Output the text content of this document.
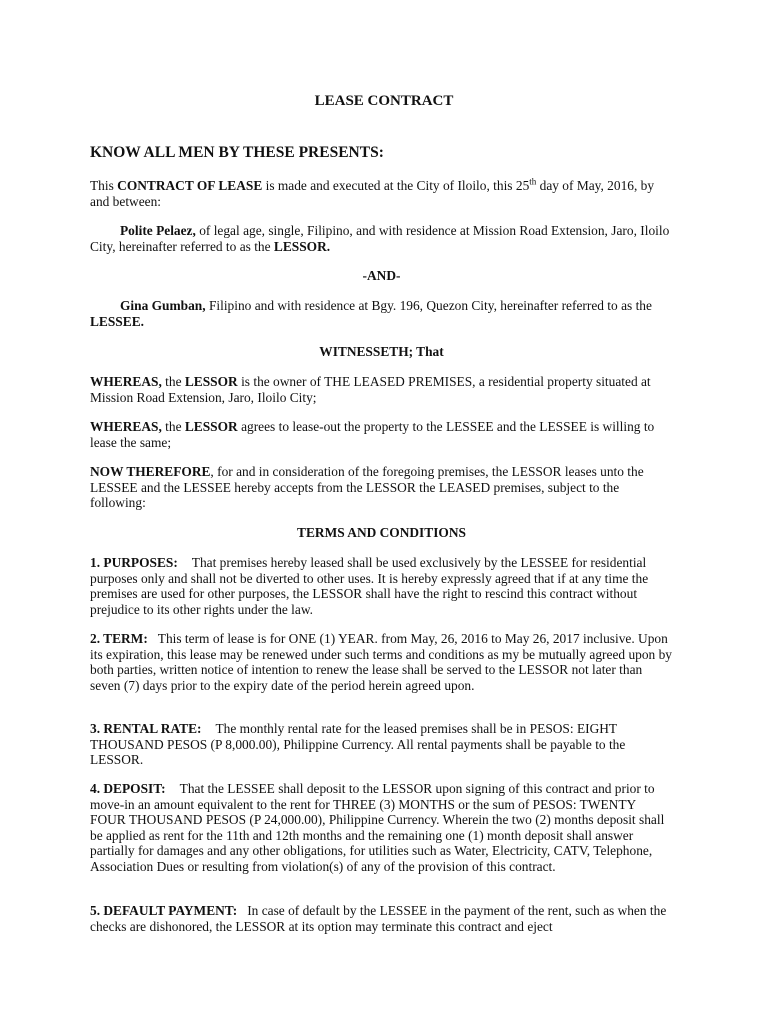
LEASE CONTRACT

KNOW ALL MEN BY THESE PRESENTS:

This CONTRACT OF LEASE is made and executed at the City of Iloilo, this 25th day of May, 2016, by and between:

Polite Pelaez, of legal age, single, Filipino, and with residence at Mission Road Extension, Jaro, Iloilo City, hereinafter referred to as the LESSOR.

-AND-

Gina Gumban, Filipino and with residence at Bgy. 196, Quezon City, hereinafter referred to as the LESSEE.

WITNESSETH; That

WHEREAS, the LESSOR is the owner of THE LEASED PREMISES, a residential property situated at Mission Road Extension, Jaro, Iloilo City;

WHEREAS, the LESSOR agrees to lease-out the property to the LESSEE and the LESSEE is willing to lease the same;

NOW THEREFORE, for and in consideration of the foregoing premises, the LESSOR leases unto the LESSEE and the LESSEE hereby accepts from the LESSOR the LEASED premises, subject to the following:

TERMS AND CONDITIONS

1. PURPOSES: That premises hereby leased shall be used exclusively by the LESSEE for residential purposes only and shall not be diverted to other uses. It is hereby expressly agreed that if at any time the premises are used for other purposes, the LESSOR shall have the right to rescind this contract without prejudice to its other rights under the law.

2. TERM: This term of lease is for ONE (1) YEAR. from May, 26, 2016 to May 26, 2017 inclusive. Upon its expiration, this lease may be renewed under such terms and conditions as my be mutually agreed upon by both parties, written notice of intention to renew the lease shall be served to the LESSOR not later than seven (7) days prior to the expiry date of the period herein agreed upon.

3. RENTAL RATE: The monthly rental rate for the leased premises shall be in PESOS: EIGHT THOUSAND PESOS (P 8,000.00), Philippine Currency. All rental payments shall be payable to the LESSOR.

4. DEPOSIT: That the LESSEE shall deposit to the LESSOR upon signing of this contract and prior to move-in an amount equivalent to the rent for THREE (3) MONTHS or the sum of PESOS: TWENTY FOUR THOUSAND PESOS (P 24,000.00), Philippine Currency. Wherein the two (2) months deposit shall be applied as rent for the 11th and 12th months and the remaining one (1) month deposit shall answer partially for damages and any other obligations, for utilities such as Water, Electricity, CATV, Telephone, Association Dues or resulting from violation(s) of any of the provision of this contract.

5. DEFAULT PAYMENT: In case of default by the LESSEE in the payment of the rent, such as when the checks are dishonored, the LESSOR at its option may terminate this contract and eject
